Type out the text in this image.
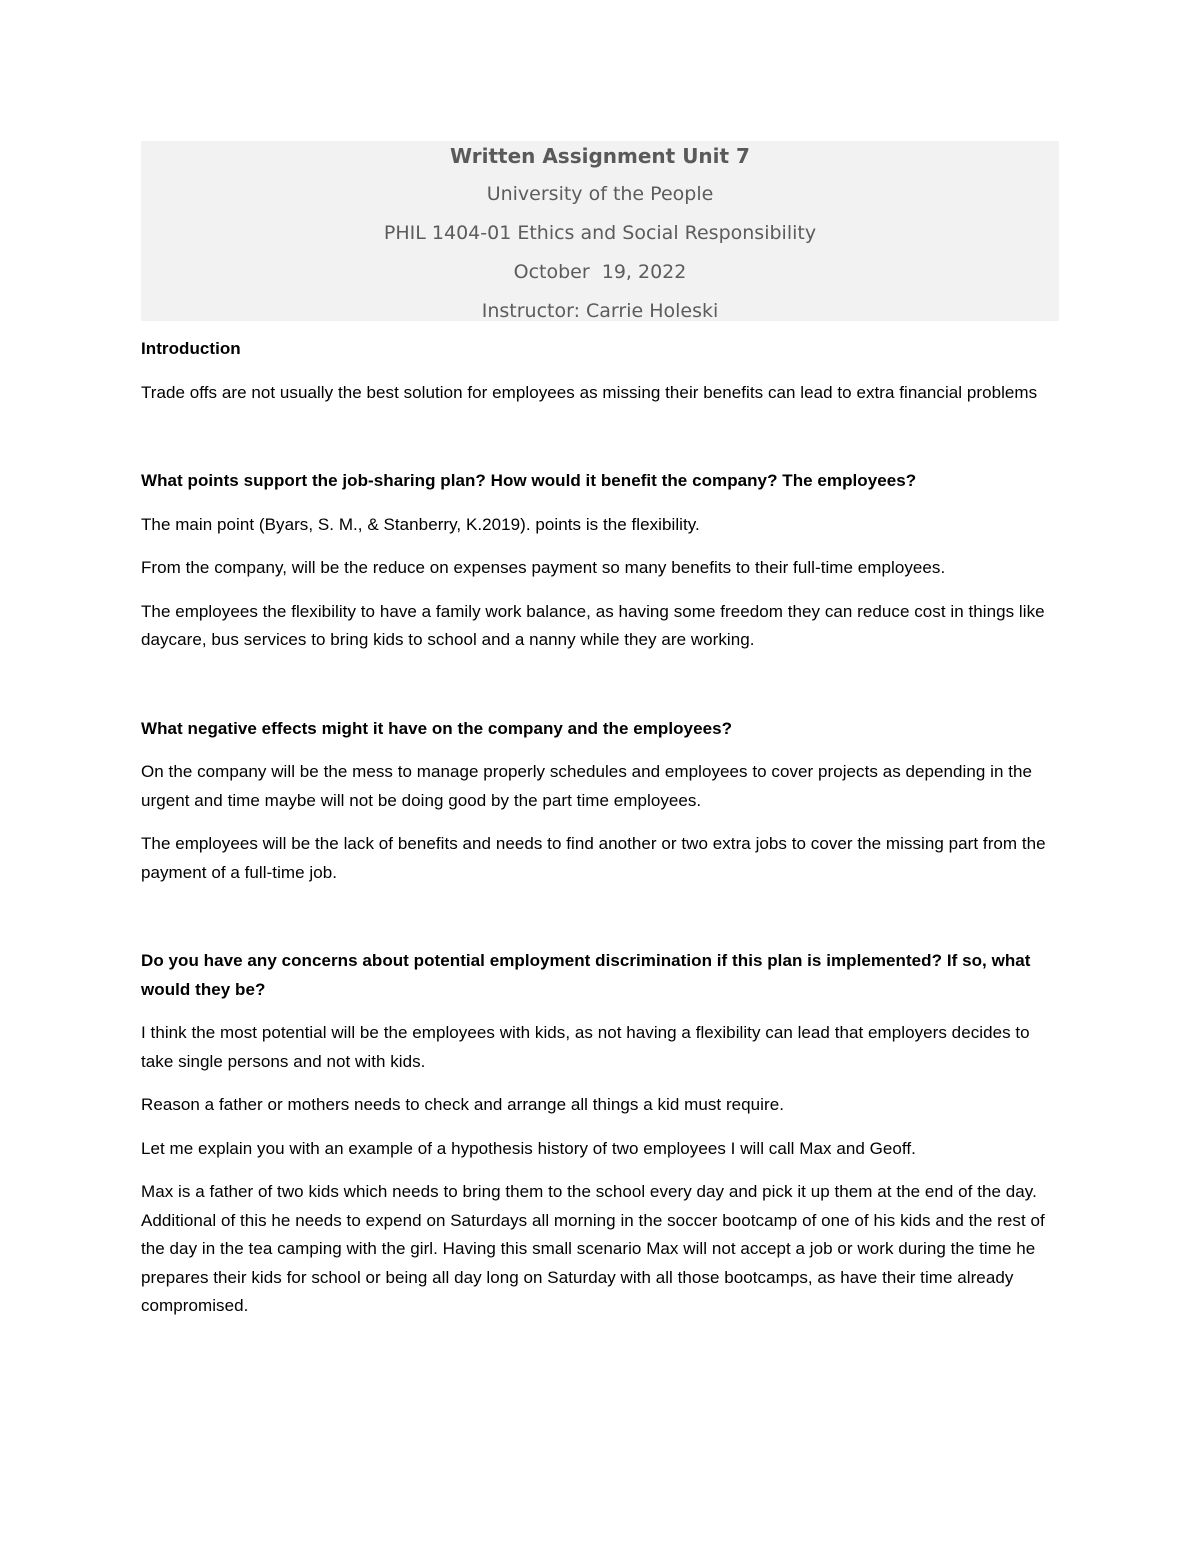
Written Assignment Unit 7
University of the People
PHIL 1404-01 Ethics and Social Responsibility
October  19, 2022
Instructor: Carrie Holeski

Introduction

Trade offs are not usually the best solution for employees as missing their benefits can lead to extra financial problems

What points support the job-sharing plan? How would it benefit the company? The employees?

The main point (Byars, S. M., & Stanberry, K.2019). points is the flexibility.

From the company, will be the reduce on expenses payment so many benefits to their full-time employees.

The employees the flexibility to have a family work balance, as having some freedom they can reduce cost in things like daycare, bus services to bring kids to school and a nanny while they are working.

What negative effects might it have on the company and the employees?

On the company will be the mess to manage properly schedules and employees to cover projects as depending in the urgent and time maybe will not be doing good by the part time employees.

The employees will be the lack of benefits and needs to find another or two extra jobs to cover the missing part from the payment of a full-time job.

Do you have any concerns about potential employment discrimination if this plan is implemented? If so, what would they be?

I think the most potential will be the employees with kids, as not having a flexibility can lead that employers decides to take single persons and not with kids.

Reason a father or mothers needs to check and arrange all things a kid must require.

Let me explain you with an example of a hypothesis history of two employees I will call Max and Geoff.

Max is a father of two kids which needs to bring them to the school every day and pick it up them at the end of the day. Additional of this he needs to expend on Saturdays all morning in the soccer bootcamp of one of his kids and the rest of the day in the tea camping with the girl. Having this small scenario Max will not accept a job or work during the time he prepares their kids for school or being all day long on Saturday with all those bootcamps, as have their time already compromised.
